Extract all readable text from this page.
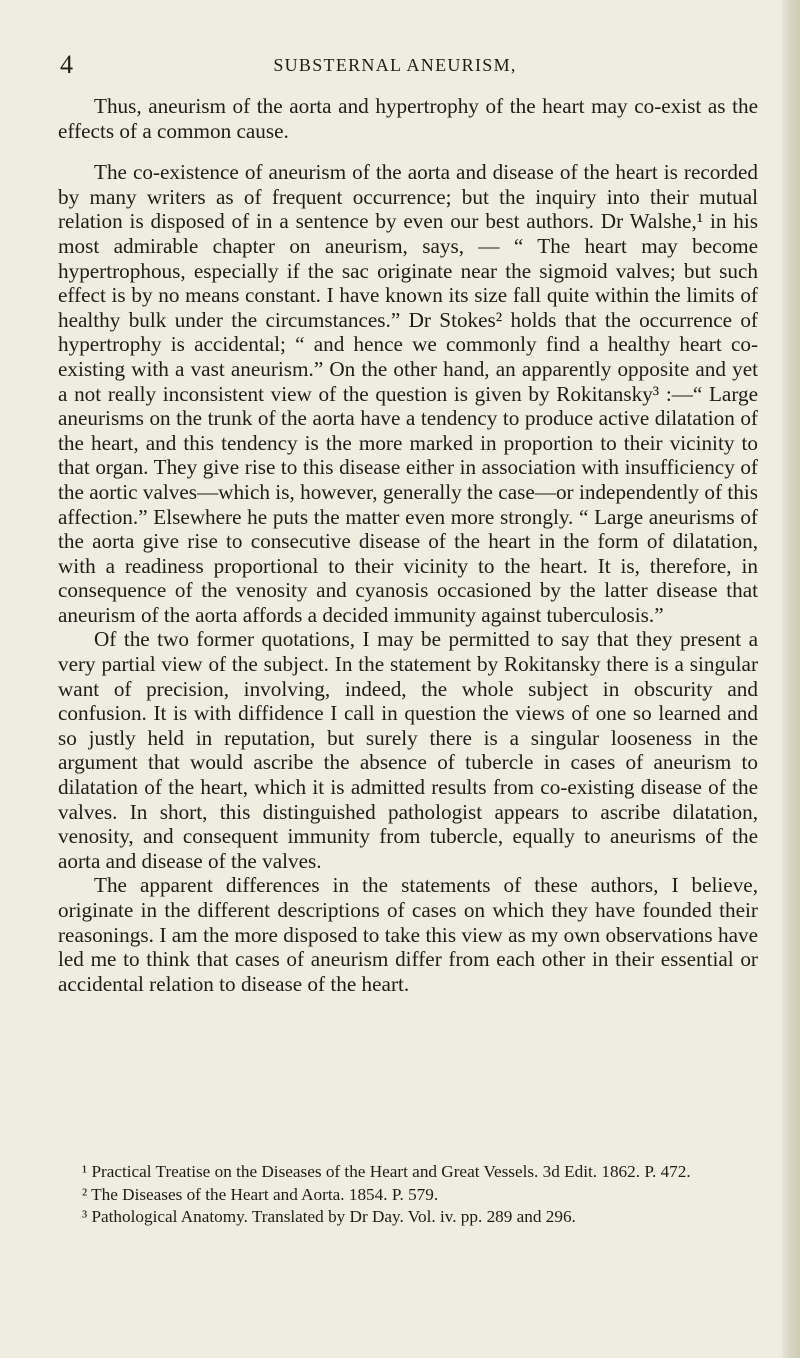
4	SUBSTERNAL ANEURISM,

Thus, aneurism of the aorta and hypertrophy of the heart may co-exist as the effects of a common cause.

The co-existence of aneurism of the aorta and disease of the heart is recorded by many writers as of frequent occurrence; but the inquiry into their mutual relation is disposed of in a sentence by even our best authors. Dr Walshe,¹ in his most admirable chapter on aneurism, says, — “ The heart may become hypertrophous, especially if the sac originate near the sigmoid valves; but such effect is by no means constant. I have known its size fall quite within the limits of healthy bulk under the circumstances.” Dr Stokes² holds that the occurrence of hypertrophy is accidental; “ and hence we commonly find a healthy heart co-existing with a vast aneurism.” On the other hand, an apparently opposite and yet a not really inconsistent view of the question is given by Rokitansky³ :—“ Large aneurisms on the trunk of the aorta have a tendency to produce active dilatation of the heart, and this tendency is the more marked in proportion to their vicinity to that organ. They give rise to this disease either in association with insufficiency of the aortic valves—which is, however, generally the case—or independently of this affection.” Elsewhere he puts the matter even more strongly. “ Large aneurisms of the aorta give rise to consecutive disease of the heart in the form of dilatation, with a readiness proportional to their vicinity to the heart. It is, therefore, in consequence of the venosity and cyanosis occasioned by the latter disease that aneurism of the aorta affords a decided immunity against tuberculosis.”

Of the two former quotations, I may be permitted to say that they present a very partial view of the subject. In the statement by Rokitansky there is a singular want of precision, involving, indeed, the whole subject in obscurity and confusion. It is with diffidence I call in question the views of one so learned and so justly held in reputation, but surely there is a singular looseness in the argument that would ascribe the absence of tubercle in cases of aneurism to dilatation of the heart, which it is admitted results from co-existing disease of the valves. In short, this distinguished pathologist appears to ascribe dilatation, venosity, and consequent immunity from tubercle, equally to aneurisms of the aorta and disease of the valves.

The apparent differences in the statements of these authors, I believe, originate in the different descriptions of cases on which they have founded their reasonings. I am the more disposed to take this view as my own observations have led me to think that cases of aneurism differ from each other in their essential or accidental relation to disease of the heart.

¹ Practical Treatise on the Diseases of the Heart and Great Vessels. 3d Edit. 1862. P. 472.

² The Diseases of the Heart and Aorta. 1854. P. 579.

³ Pathological Anatomy. Translated by Dr Day. Vol. iv. pp. 289 and 296.
